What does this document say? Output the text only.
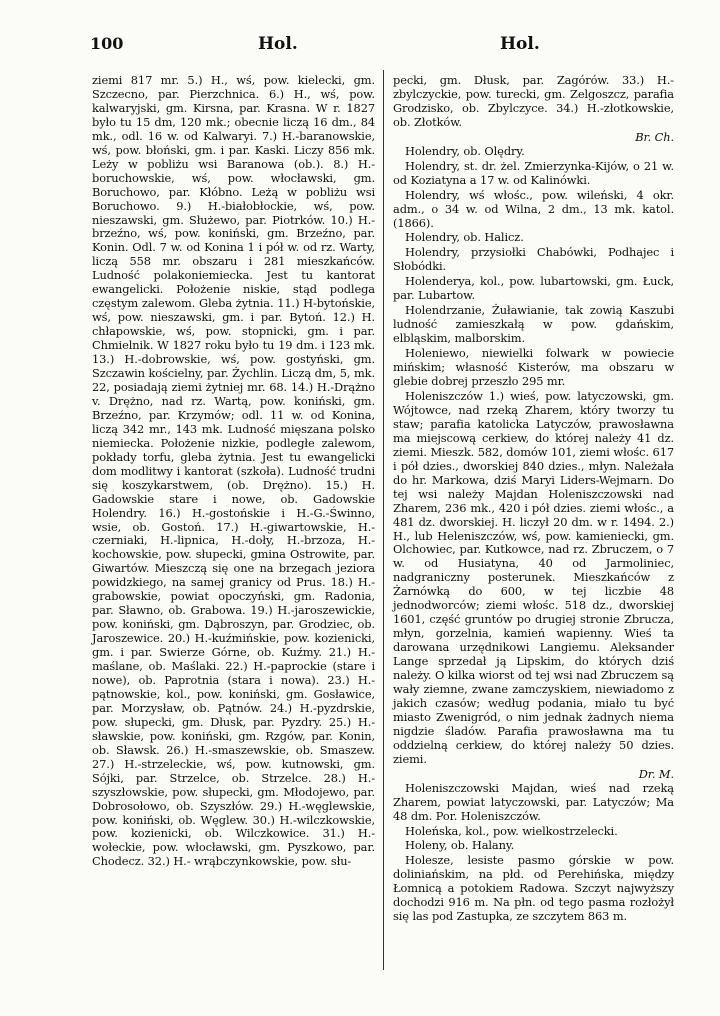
100	Hol.	Hol.

ziemi 817 mr. 5.) H., wś, pow. kielecki, gm. Szczecno, par. Pierzchnica. 6.) H., wś, pow. kalwaryjski, gm. Kirsna, par. Krasna. W r. 1827 było tu 15 dm, 120 mk.; obecnie liczą 16 dm., 84 mk., odl. 16 w. od Kalwaryi. 7.) H.-baranowskie, wś, pow. błoński, gm. i par. Kaski. Liczy 856 mk. Leży w pobliżu wsi Baranowa (ob.). 8.) H.-boruchowskie, wś, pow. włocławski, gm. Boruchowo, par. Kłóbno. Leżą w pobliżu wsi Boruchowo. 9.) H.-białobłockie, wś, pow. nieszawski, gm. Służewo, par. Piotrków. 10.) H.-brzeźno, wś, pow. koniński, gm. Brzeźno, par. Konin. Odl. 7 w. od Konina 1 i pół w. od rz. Warty, liczą 558 mr. obszaru i 281 mieszkańców. Ludność polakoniemiecka. Jest tu kantorat ewangelicki. Położenie niskie, stąd podlega częstym zalewom. Gleba żytnia. 11.) H-bytońskie, wś, pow. nieszawski, gm. i par. Bytoń. 12.) H. chłapowskie, wś, pow. stopnicki, gm. i par. Chmielnik. W 1827 roku było tu 19 dm. i 123 mk. 13.) H.-dobrowskie, wś, pow. gostyński, gm. Szczawin kościelny, par. Żychlin. Liczą dm, 5, mk. 22, posiadają ziemi żytniej mr. 68. 14.) H.-Drążno v. Drężno, nad rz. Wartą, pow. koniński, gm. Brzeźno, par. Krzymów; odl. 11 w. od Konina, liczą 342 mr., 143 mk. Ludność mięszana polsko niemiecka. Położenie nizkie, podległe zalewom, pokłady torfu, gleba żytnia. Jest tu ewangelicki dom modlitwy i kantorat (szkoła). Ludność trudni się koszykarstwem, (ob. Drężno). 15.) H. Gadowskie stare i nowe, ob. Gadowskie Holendry. 16.) H.-gostońskie i H.-G.-Świnno, wsie, ob. Gostoń. 17.) H.-giwartowskie, H.-czerniaki, H.-lipnica, H.-doły, H.-brzoza, H.-kochowskie, pow. słupecki, gmina Ostrowite, par. Giwartów. Mieszczą się one na brzegach jeziora powidzkiego, na samej granicy od Prus. 18.) H.-grabowskie, powiat opoczyński, gm. Radonia, par. Sławno, ob. Grabowa. 19.) H.-jaroszewickie, pow. koniński, gm. Dąbroszyn, par. Grodziec, ob. Jaroszewice. 20.) H.-kuźmińskie, pow. kozienicki, gm. i par. Swierze Górne, ob. Kuźmy. 21.) H.-maślane, ob. Maślaki. 22.) H.-paprockie (stare i nowe), ob. Paprotnia (stara i nowa). 23.) H.-pątnowskie, kol., pow. koniński, gm. Gosławice, par. Morzysław, ob. Pątnów. 24.) H.-pyzdrskie, pow. słupecki, gm. Dłusk, par. Pyzdry. 25.) H.-sławskie, pow. koniński, gm. Rzgów, par. Konin, ob. Sławsk. 26.) H.-smaszewskie, ob. Smaszew. 27.) H.-strzeleckie, wś, pow. kutnowski, gm. Sójki, par. Strzelce, ob. Strzelce. 28.) H.-szyszłowskie, pow. słupecki, gm. Młodojewo, par. Dobrosołowo, ob. Szyszłów. 29.) H.-węglewskie, pow. koniński, ob. Węglew. 30.) H.-wilczkowskie, pow. kozienicki, ob. Wilczkowice. 31.) H.-wołeckie, pow. włocławski, gm. Pyszkowo, par. Chodecz. 32.) H.- wrąbczynkowskie, pow. słu-

pecki, gm. Dłusk, par. Zagórów. 33.) H.-zbylczyckie, pow. turecki, gm. Zelgoszcz, parafia Grodzisko, ob. Zbylczyce. 34.) H.-złotkowskie, ob. Złotków.

Br. Ch.

Holendry, ob. Olędry.

Holendry, st. dr. żel. Zmierzynka-Kijów, o 21 w. od Koziatyna a 17 w. od Kalinówki.

Holendry, wś włośc., pow. wileński, 4 okr. adm., o 34 w. od Wilna, 2 dm., 13 mk. katol. (1866).

Holendry, ob. Halicz.

Holendry, przysiołki Chabówki, Podhajec i Słobódki.

Holenderya, kol., pow. lubartowski, gm. Łuck, par. Lubartow.

Holendrzanie, Żuławianie, tak zowią Kaszubi ludność zamieszkałą w pow. gdańskim, elbląskim, malborskim.

Holeniewo, niewielki folwark w powiecie mińskim; własność Kisterów, ma obszaru w glebie dobrej przeszło 295 mr.

Holeniszczów 1.) wieś, pow. latyczowski, gm. Wójtowce, nad rzeką Zharem, który tworzy tu staw; parafia katolicka Latyczów, prawosławna ma miejscową cerkiew, do której należy 41 dz. ziemi. Mieszk. 582, domów 101, ziemi włośc. 617 i pół dzies., dworskiej 840 dzies., młyn. Należała do hr. Markowa, dziś Maryi Liders-Wejmarn. Do tej wsi należy Majdan Holeniszczowski nad Zharem, 236 mk., 420 i pół dzies. ziemi włośc., a 481 dz. dworskiej. H. liczył 20 dm. w r. 1494. 2.) H., lub Heleniszczów, wś, pow. kamieniecki, gm. Olchowiec, par. Kutkowce, nad rz. Zbruczem, o 7 w. od Husiatyna, 40 od Jarmoliniec, nadgraniczny posterunek. Mieszkańców z Żarnówką do 600, w tej liczbie 48 jednodworców; ziemi włośc. 518 dz., dworskiej 1601, część gruntów po drugiej stronie Zbrucza, młyn, gorzelnia, kamień wapienny. Wieś ta darowana urzędnikowi Langiemu. Aleksander Lange sprzedał ją Lipskim, do których dziś należy. O kilka wiorst od tej wsi nad Zbruczem są wały ziemne, zwane zamczyskiem, niewiadomo z jakich czasów; według podania, miało tu być miasto Zwenigród, o nim jednak żadnych niema nigdzie śladów. Parafia prawosławna ma tu oddzielną cerkiew, do której należy 50 dzies. ziemi.

Dr. M.

Holeniszczowski Majdan, wieś nad rzeką Zharem, powiat latyczowski, par. Latyczów; Ma 48 dm. Por. Holeniszczów.

Holeńska, kol., pow. wielkostrzelecki.

Holeny, ob. Halany.

Holesze, lesiste pasmo górskie w pow. doliniańskim, na płd. od Perehińska, między Łomnicą a potokiem Radowa. Szczyt najwyższy dochodzi 916 m. Na płn. od tego pasma rozłożył się las pod Zastupka, ze szczytem 863 m.
